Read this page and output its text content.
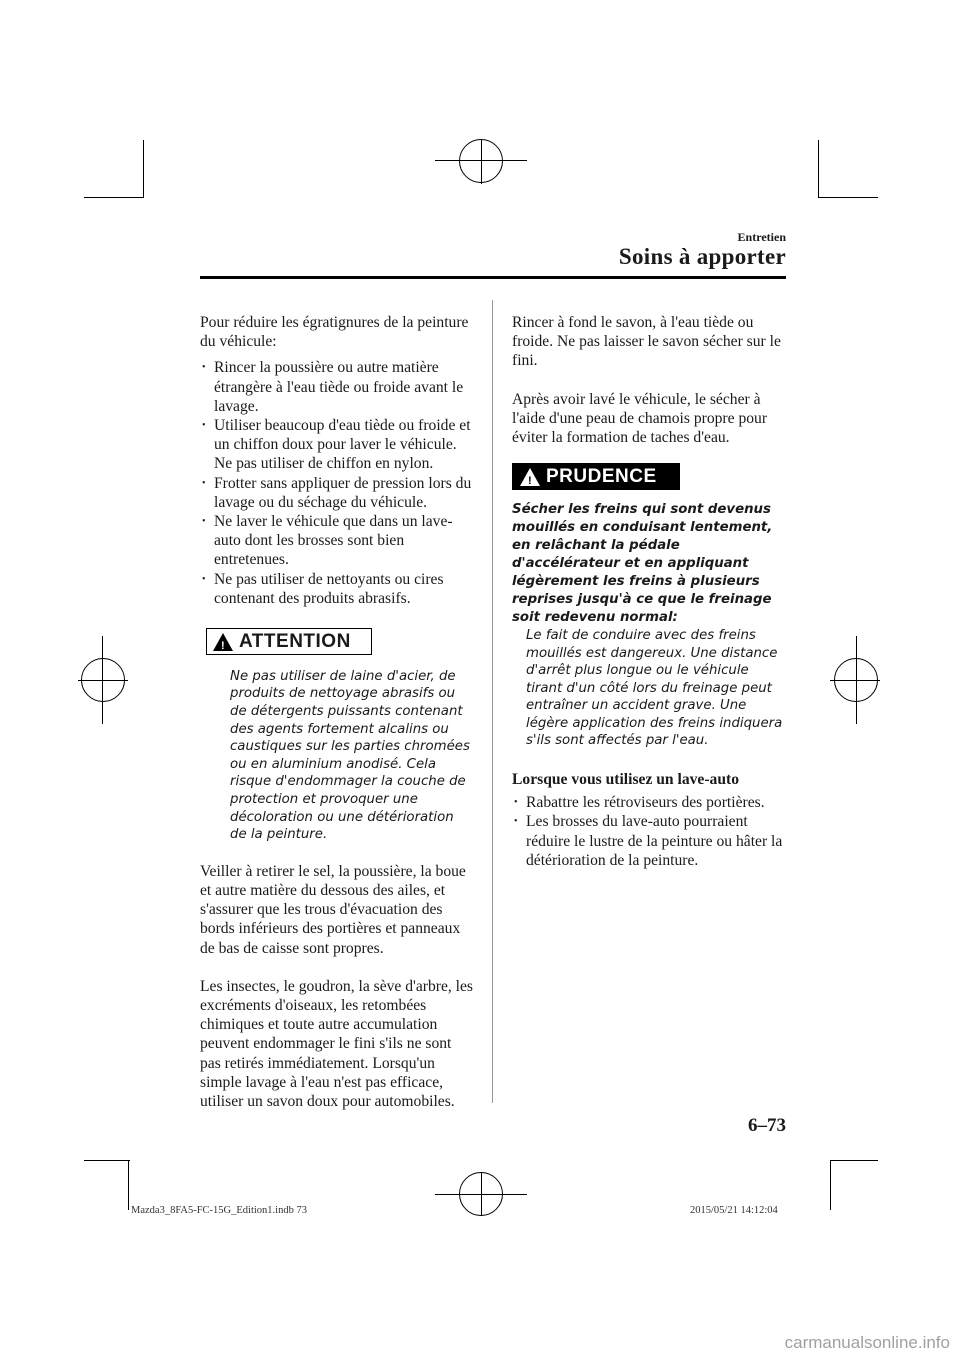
Entretien
Soins à apporter

Pour réduire les égratignures de la peinture du véhicule:

• Rincer la poussière ou autre matière étrangère à l'eau tiède ou froide avant le lavage.
• Utiliser beaucoup d'eau tiède ou froide et un chiffon doux pour laver le véhicule. Ne pas utiliser de chiffon en nylon.
• Frotter sans appliquer de pression lors du lavage ou du séchage du véhicule.
• Ne laver le véhicule que dans un lave-auto dont les brosses sont bien entretenues.
• Ne pas utiliser de nettoyants ou cires contenant des produits abrasifs.
! ATTENTION

Ne pas utiliser de laine d'acier, de produits de nettoyage abrasifs ou de détergents puissants contenant des agents fortement alcalins ou caustiques sur les parties chromées ou en aluminium anodisé. Cela risque d'endommager la couche de protection et provoquer une décoloration ou une détérioration de la peinture.

Veiller à retirer le sel, la poussière, la boue et autre matière du dessous des ailes, et s'assurer que les trous d'évacuation des bords inférieurs des portières et panneaux de bas de caisse sont propres.

Les insectes, le goudron, la sève d'arbre, les excréments d'oiseaux, les retombées chimiques et toute autre accumulation peuvent endommager le fini s'ils ne sont pas retirés immédiatement. Lorsqu'un simple lavage à l'eau n'est pas efficace, utiliser un savon doux pour automobiles.

Rincer à fond le savon, à l'eau tiède ou froide. Ne pas laisser le savon sécher sur le fini.

Après avoir lavé le véhicule, le sécher à l'aide d'une peau de chamois propre pour éviter la formation de taches d'eau.

! PRUDENCE

Sécher les freins qui sont devenus mouillés en conduisant lentement, en relâchant la pédale d'accélérateur et en appliquant légèrement les freins à plusieurs reprises jusqu'à ce que le freinage soit redevenu normal:

Le fait de conduire avec des freins mouillés est dangereux. Une distance d'arrêt plus longue ou le véhicule tirant d'un côté lors du freinage peut entraîner un accident grave. Une légère application des freins indiquera s'ils sont affectés par l'eau.

Lorsque vous utilisez un lave-auto

• Rabattre les rétroviseurs des portières.
• Les brosses du lave-auto pourraient réduire le lustre de la peinture ou hâter la détérioration de la peinture.
6–73
Mazda3_8FA5-FC-15G_Edition1.indb 73	2015/05/21 14:12:04
carmanualsonline.info
